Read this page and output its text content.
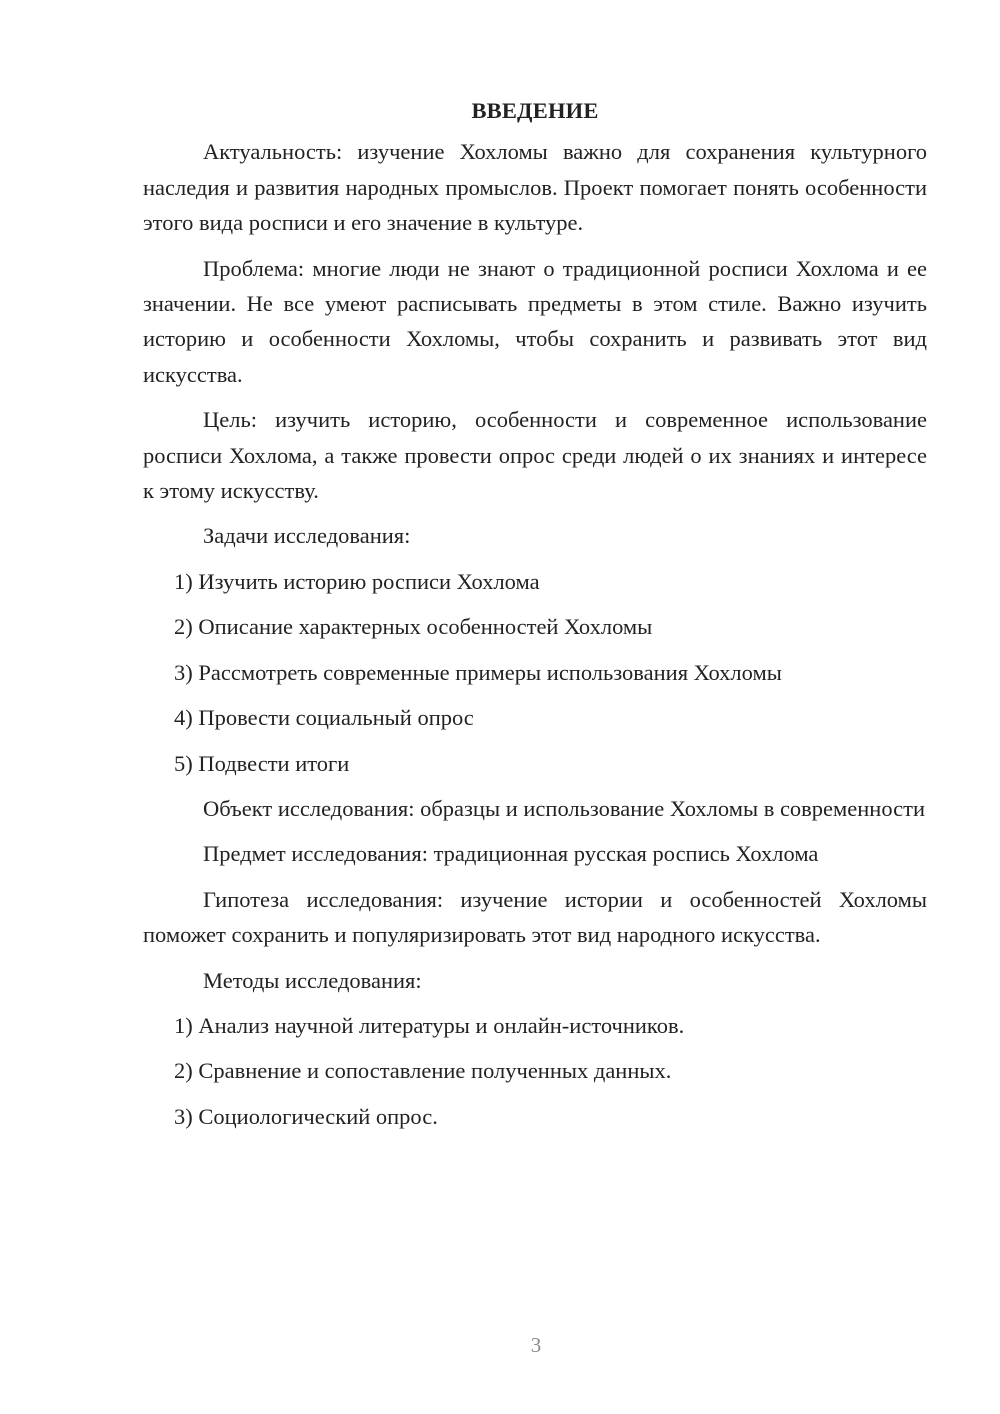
ВВЕДЕНИЕ

Актуальность: изучение Хохломы важно для сохранения культурного наследия и развития народных промыслов. Проект помогает понять особенности этого вида росписи и его значение в культуре.

Проблема: многие люди не знают о традиционной росписи Хохлома и ее значении. Не все умеют расписывать предметы в этом стиле. Важно изучить историю и особенности Хохломы, чтобы сохранить и развивать этот вид искусства.

Цель: изучить историю, особенности и современное использование росписи Хохлома, а также провести опрос среди людей о их знаниях и интересе к этому искусству.

Задачи исследования:

1) Изучить историю росписи Хохлома

2) Описание характерных особенностей Хохломы

3) Рассмотреть современные примеры использования Хохломы

4) Провести социальный опрос

5) Подвести итоги

Объект исследования: образцы и использование Хохломы в современности

Предмет исследования: традиционная русская роспись Хохлома

Гипотеза исследования: изучение истории и особенностей Хохломы поможет сохранить и популяризировать этот вид народного искусства.

Методы исследования:

1) Анализ научной литературы и онлайн-источников.

2) Сравнение и сопоставление полученных данных.

3) Социологический опрос.

3
